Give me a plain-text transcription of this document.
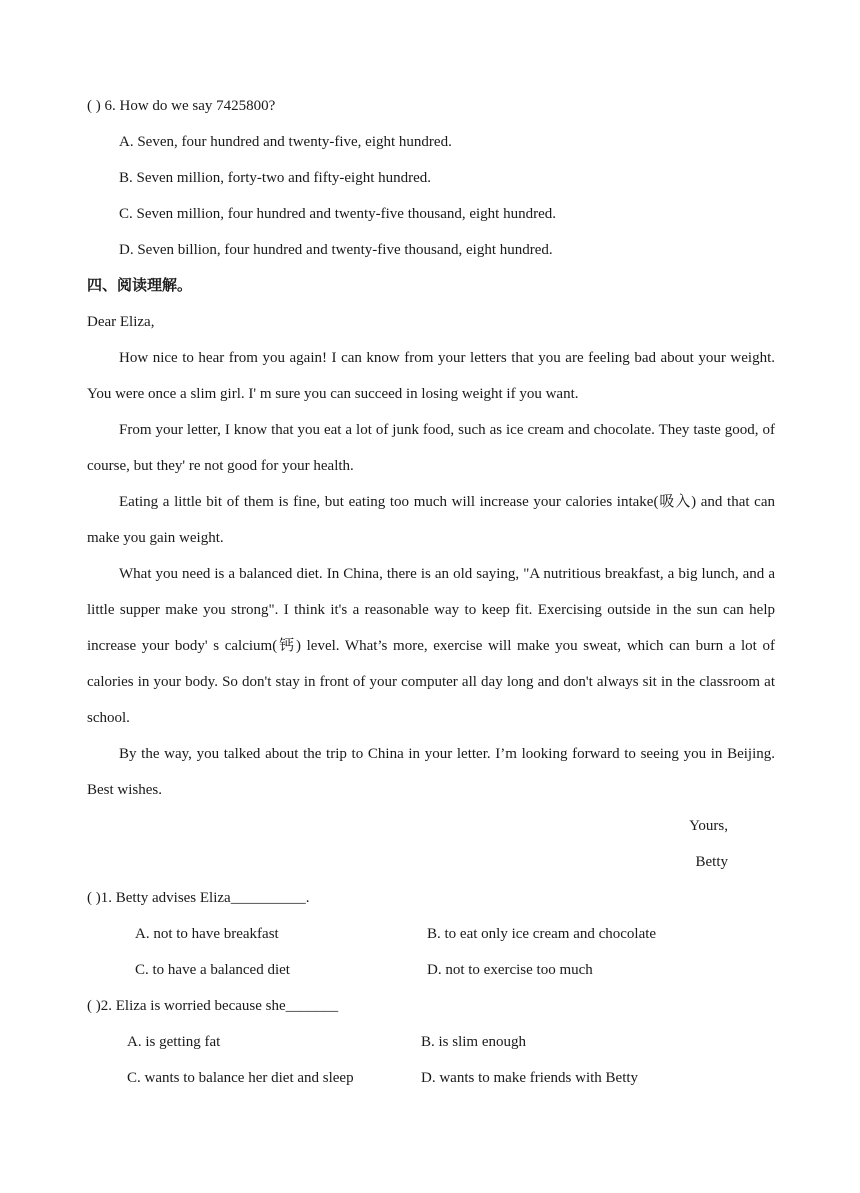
( ) 6. How do we say 7425800?
A. Seven, four hundred and twenty-five, eight hundred.
B. Seven million, forty-two and fifty-eight hundred.
C. Seven million, four hundred and twenty-five thousand, eight hundred.
D. Seven billion, four hundred and twenty-five thousand, eight hundred.
四、阅读理解。
Dear Eliza,

How nice to hear from you again! I can know from your letters that you are feeling bad about your weight. You were once a slim girl. I' m sure you can succeed in losing weight if you want.

From your letter, I know that you eat a lot of junk food, such as ice cream and chocolate. They taste good, of course, but they' re not good for your health.

Eating a little bit of them is fine, but eating too much will increase your calories intake(吸入) and that can make you gain weight.

What you need is a balanced diet. In China, there is an old saying, "A nutritious breakfast, a big lunch, and a little supper make you strong". I think it's a reasonable way to keep fit. Exercising outside in the sun can help increase your body' s calcium(钙) level. What’s more, exercise will make you sweat, which can burn a lot of calories in your body. So don't stay in front of your computer all day long and don't always sit in the classroom at school.

By the way, you talked about the trip to China in your letter. I’m looking forward to seeing you in Beijing. Best wishes.

Yours,
Betty
( )1. Betty advises Eliza__________.
A. not to have breakfast	B. to eat only ice cream and chocolate
C. to have a balanced diet	D. not to exercise too much
( )2. Eliza is worried because she_______
A. is getting fat	B. is slim enough
C. wants to balance her diet and sleep	D. wants to make friends with Betty
